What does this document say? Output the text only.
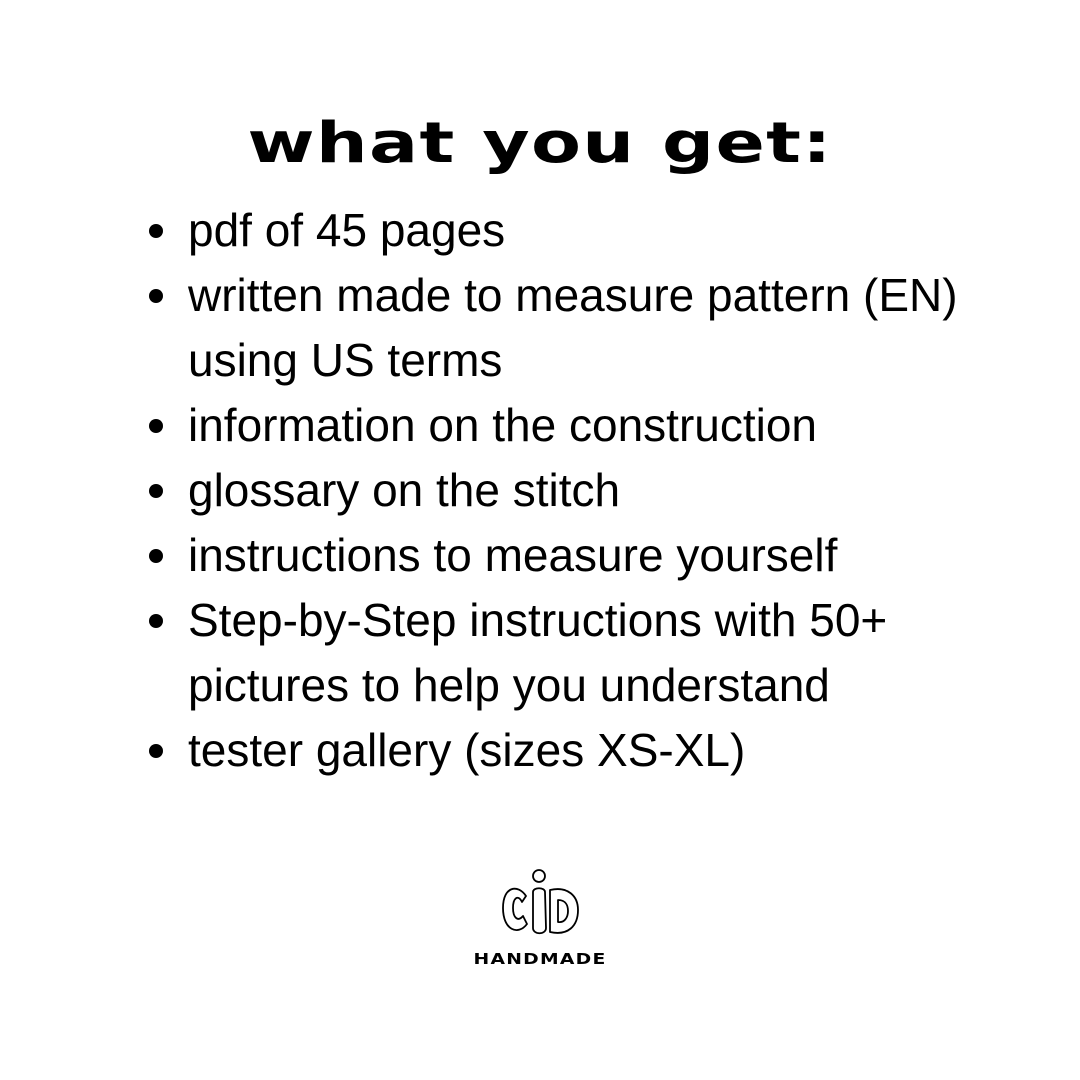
what you get:
pdf of 45 pages
written made to measure pattern (EN) using US terms
information on the construction
glossary on the stitch
instructions to measure yourself
Step-by-Step instructions with 50+ pictures to help you understand
tester gallery (sizes XS-XL)
HANDMADE
